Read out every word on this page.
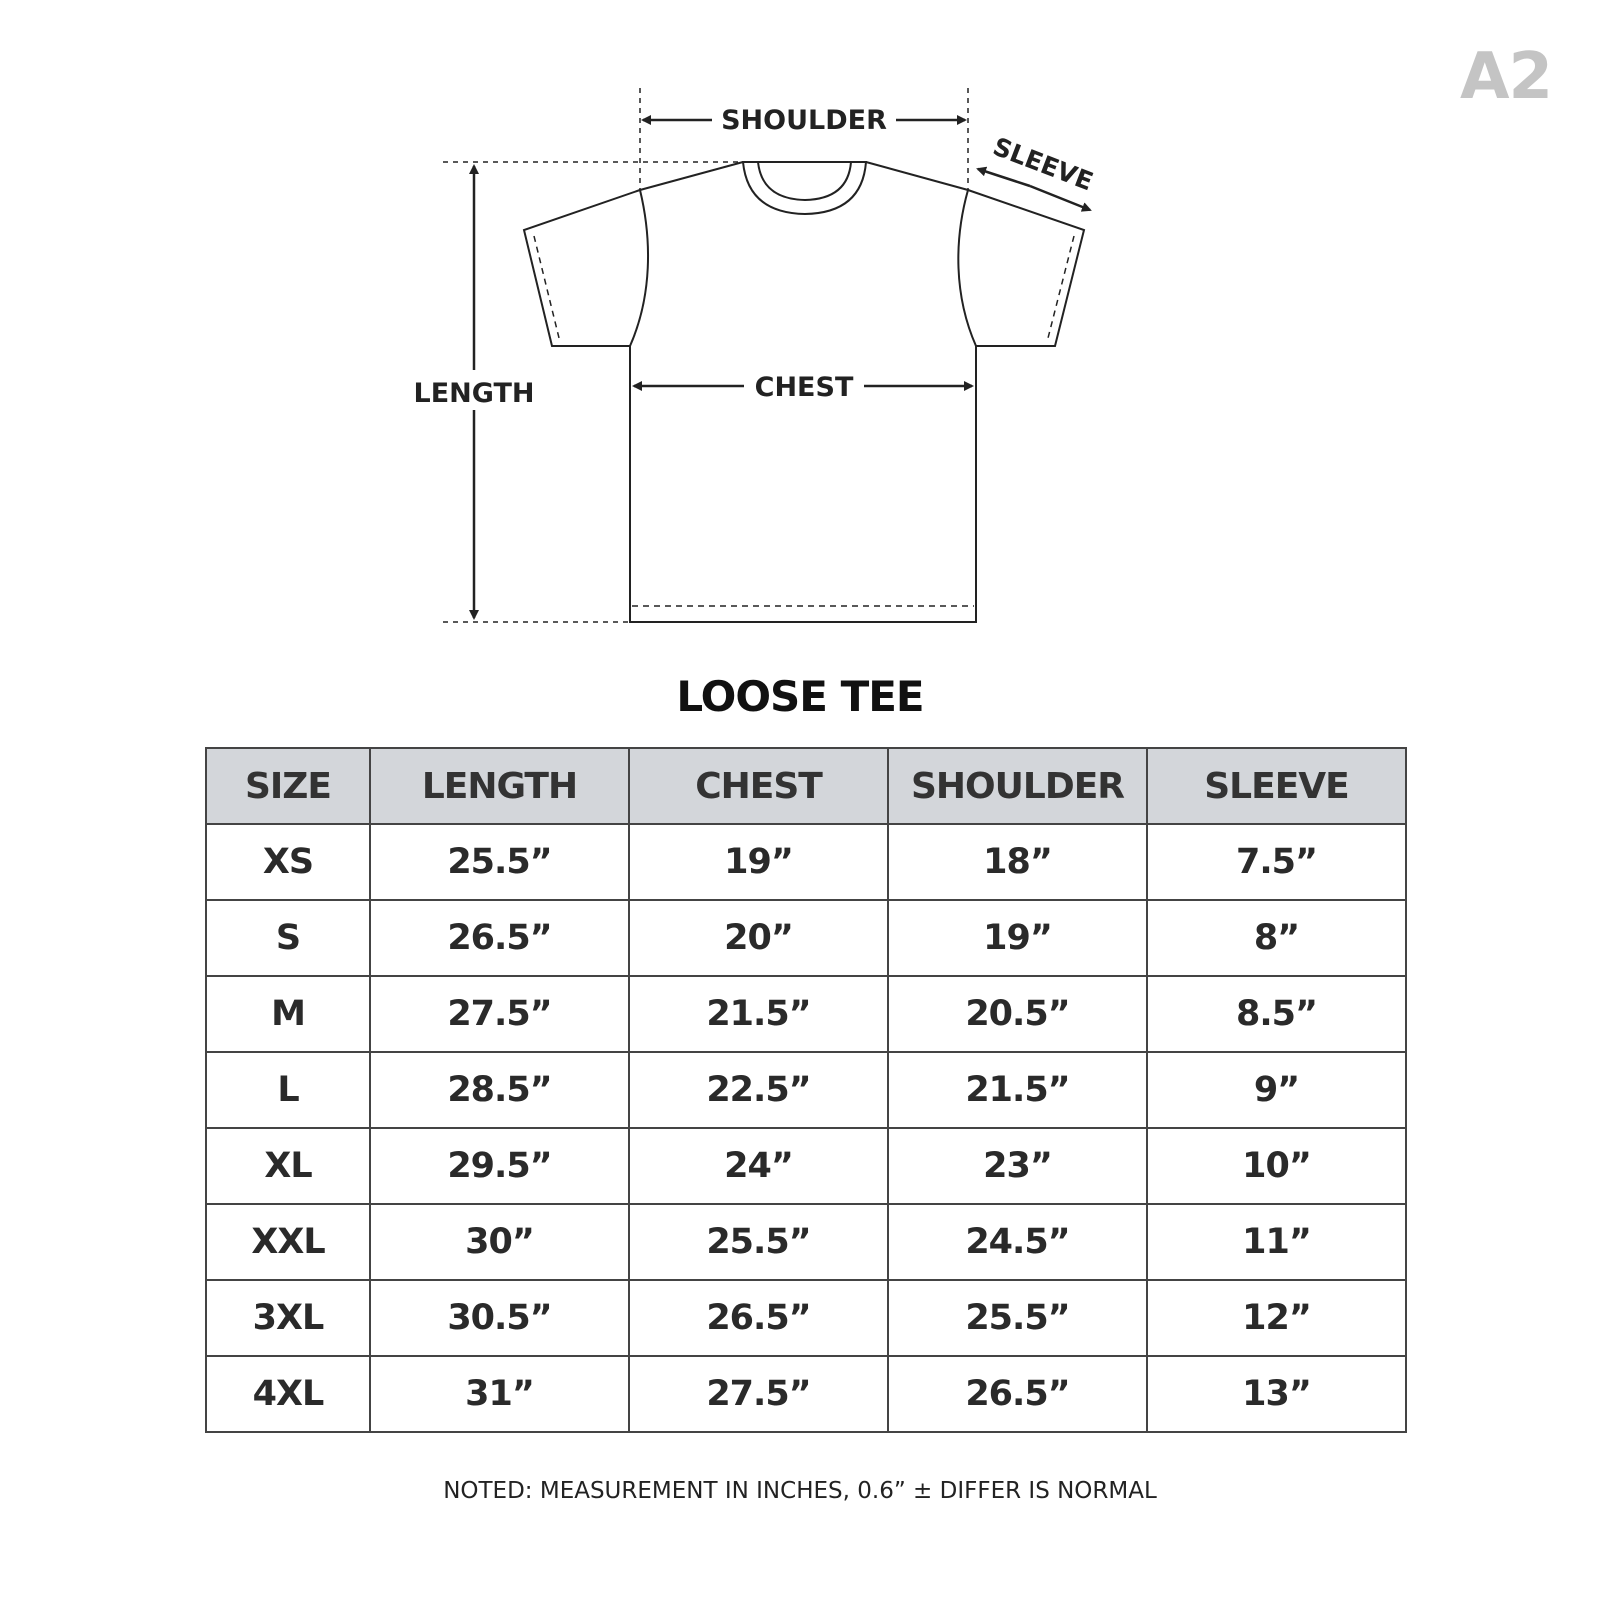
A2
SHOULDER
SLEEVE
LENGTH	CHEST
LOOSE TEE
SIZE	LENGTH	CHEST	SHOULDER	SLEEVE
XS	25.5”	19”	18”	7.5”
S	26.5”	20”	19”	8”
M	27.5”	21.5”	20.5”	8.5”
L	28.5”	22.5”	21.5”	9”
XL	29.5”	24”	23”	10”
XXL	30”	25.5”	24.5”	11”
3XL	30.5”	26.5”	25.5”	12”
4XL	31”	27.5”	26.5”	13”
NOTED: MEASUREMENT IN INCHES, 0.6” ± DIFFER IS NORMAL
